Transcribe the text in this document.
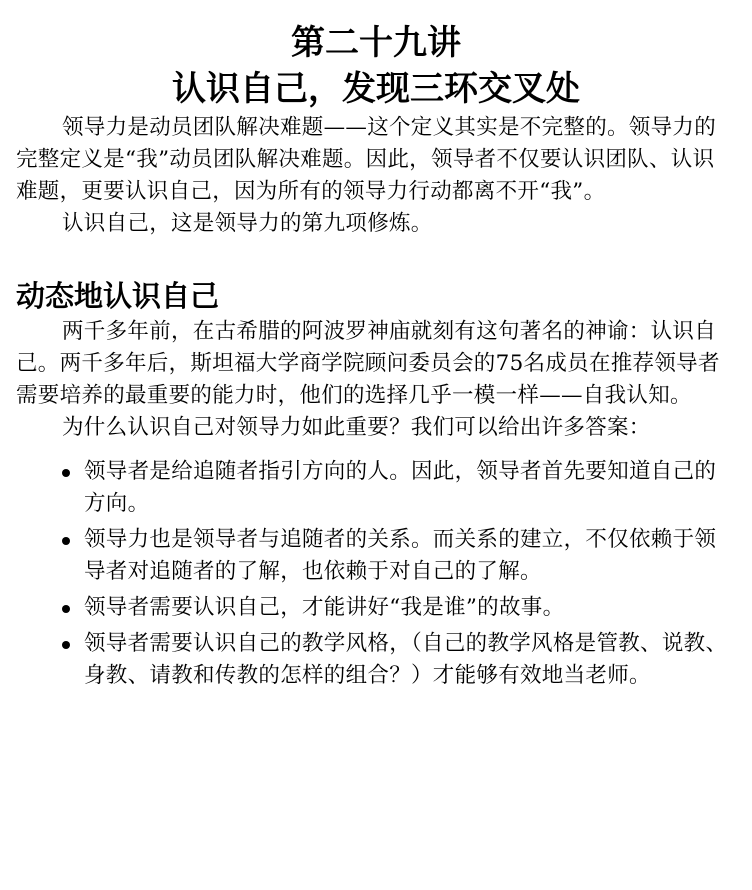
第二十九讲
认识自己，发现三环交叉处

领导力是动员团队解决难题——这个定义其实是不完整的。领导力的完整定义是“我”动员团队解决难题。因此，领导者不仅要认识团队、认识难题，更要认识自己，因为所有的领导力行动都离不开“我”。

认识自己，这是领导力的第九项修炼。

动态地认识自己

两千多年前，在古希腊的阿波罗神庙就刻有这句著名的神谕：认识自己。两千多年后，斯坦福大学商学院顾问委员会的75名成员在推荐领导者需要培养的最重要的能力时，他们的选择几乎一模一样——自我认知。

为什么认识自己对领导力如此重要？我们可以给出许多答案：

领导者是给追随者指引方向的人。因此，领导者首先要知道自己的方向。
领导力也是领导者与追随者的关系。而关系的建立，不仅依赖于领导者对追随者的了解，也依赖于对自己的了解。
领导者需要认识自己，才能讲好“我是谁”的故事。
领导者需要认识自己的教学风格，（自己的教学风格是管教、说教、身教、请教和传教的怎样的组合？）才能够有效地当老师。
